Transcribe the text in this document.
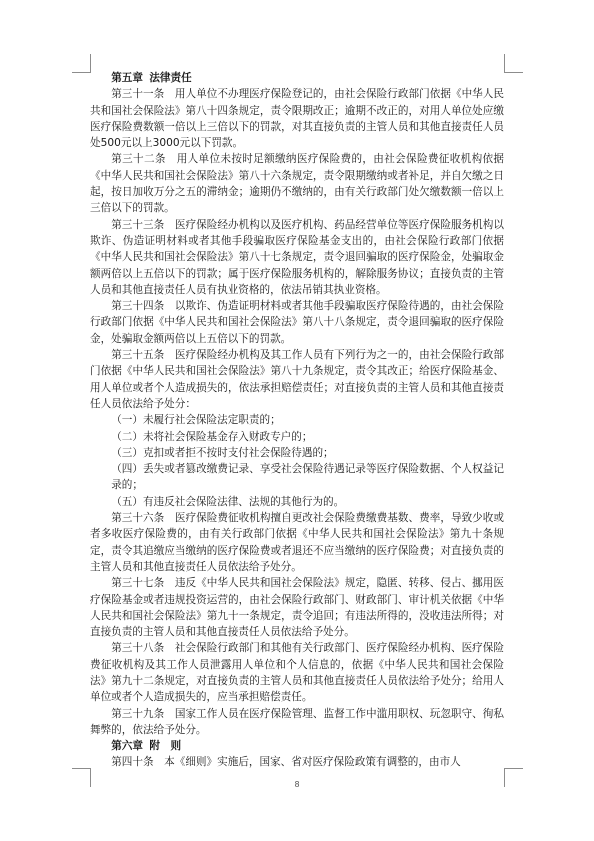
第五章 法律责任

第三十一条　 用人单位不办理医疗保险登记的，由社会保险行政部门依据《中华人民共和国社会保险法》第八十四条规定，责令限期改正；逾期不改正的，对用人单位处应缴医疗保险费数额一倍以上三倍以下的罚款，对其直接负责的主管人员和其他直接责任人员处500元以上3000元以下罚款。

第三十二条　 用人单位未按时足额缴纳医疗保险费的，由社会保险费征收机构依据《中华人民共和国社会保险法》第八十六条规定，责令限期缴纳或者补足，并自欠缴之日起，按日加收万分之五的滞纳金；逾期仍不缴纳的，由有关行政部门处欠缴数额一倍以上三倍以下的罚款。

第三十三条　 医疗保险经办机构以及医疗机构、药品经营单位等医疗保险服务机构以欺诈、伪造证明材料或者其他手段骗取医疗保险基金支出的，由社会保险行政部门依据《中华人民共和国社会保险法》第八十七条规定，责令退回骗取的医疗保险金，处骗取金额两倍以上五倍以下的罚款；属于医疗保险服务机构的，解除服务协议；直接负责的主管人员和其他直接责任人员有执业资格的，依法吊销其执业资格。

第三十四条　 以欺诈、伪造证明材料或者其他手段骗取医疗保险待遇的，由社会保险行政部门依据《中华人民共和国社会保险法》第八十八条规定，责令退回骗取的医疗保险金，处骗取金额两倍以上五倍以下的罚款。

第三十五条　 医疗保险经办机构及其工作人员有下列行为之一的，由社会保险行政部门依据《中华人民共和国社会保险法》第八十九条规定，责令其改正；给医疗保险基金、用人单位或者个人造成损失的，依法承担赔偿责任；对直接负责的主管人员和其他直接责任人员依法给予处分：

（一）未履行社会保险法定职责的；

（二）未将社会保险基金存入财政专户的；

（三）克扣或者拒不按时支付社会保险待遇的；

（四）丢失或者篡改缴费记录、享受社会保险待遇记录等医疗保险数据、个人权益记录的；

（五）有违反社会保险法律、法规的其他行为的。

第三十六条　 医疗保险费征收机构擅自更改社会保险费缴费基数、费率，导致少收或者多收医疗保险费的，由有关行政部门依据《中华人民共和国社会保险法》第九十条规定，责令其追缴应当缴纳的医疗保险费或者退还不应当缴纳的医疗保险费；对直接负责的主管人员和其他直接责任人员依法给予处分。

第三十七条　 违反《中华人民共和国社会保险法》规定，隐匿、转移、侵占、挪用医疗保险基金或者违规投资运营的，由社会保险行政部门、财政部门、审计机关依据《中华人民共和国社会保险法》第九十一条规定，责令追回；有违法所得的，没收违法所得；对直接负责的主管人员和其他直接责任人员依法给予处分。

第三十八条　 社会保险行政部门和其他有关行政部门、医疗保险经办机构、医疗保险费征收机构及其工作人员泄露用人单位和个人信息的，依据《中华人民共和国社会保险法》第九十二条规定，对直接负责的主管人员和其他直接责任人员依法给予处分；给用人单位或者个人造成损失的，应当承担赔偿责任。

第三十九条　 国家工作人员在医疗保险管理、监督工作中滥用职权、玩忽职守、徇私舞弊的，依法给予处分。

第六章 附　则

第四十条　 本《细则》实施后，国家、省对医疗保险政策有调整的，由市人

8
